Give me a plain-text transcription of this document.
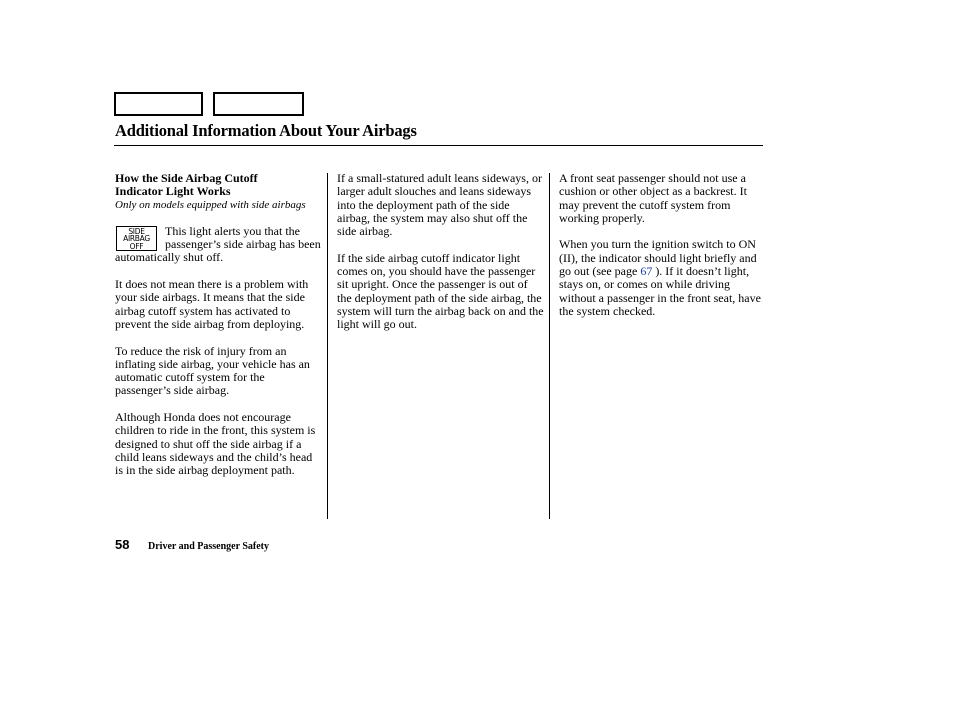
Additional Information About Your Airbags
How the Side Airbag Cutoff
Indicator Light Works
Only on models equipped with side airbags

SIDE
AIRBAG
OFF
This light alerts you that the passenger’s side airbag has been automatically shut off.

It does not mean there is a problem with your side airbags. It means that the side airbag cutoff system has activated to prevent the side airbag from deploying.

To reduce the risk of injury from an inflating side airbag, your vehicle has an automatic cutoff system for the passenger’s side airbag.

Although Honda does not encourage children to ride in the front, this system is designed to shut off the side airbag if a child leans sideways and the child’s head is in the side airbag deployment path.

If a small-statured adult leans sideways, or larger adult slouches and leans sideways into the deployment path of the side airbag, the system may also shut off the side airbag.

If the side airbag cutoff indicator light comes on, you should have the passenger sit upright. Once the passenger is out of the deployment path of the side airbag, the system will turn the airbag back on and the light will go out.

A front seat passenger should not use a cushion or other object as a backrest. It may prevent the cutoff system from working properly.

When you turn the ignition switch to ON (II), the indicator should light briefly and go out (see page 67 ). If it doesn’t light, stays on, or comes on while driving without a passenger in the front seat, have the system checked.

58 Driver and Passenger Safety
